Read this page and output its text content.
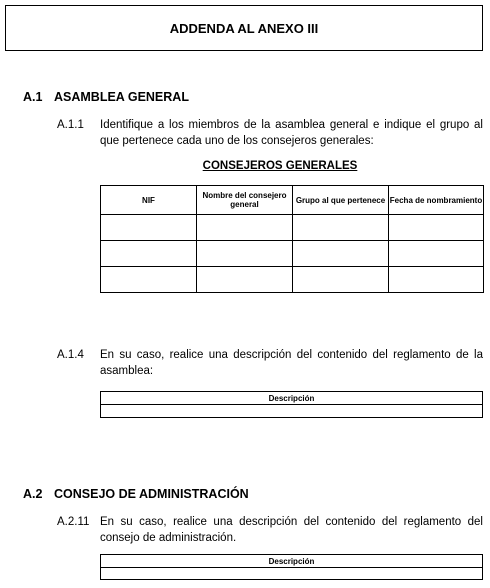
ADDENDA AL ANEXO III
A.1 ASAMBLEA GENERAL
A.1.1 Identifique a los miembros de la asamblea general e indique el grupo al que pertenece cada uno de los consejeros generales:
CONSEJEROS GENERALES
NIF	Nombre del consejero general	Grupo al que pertenece	Fecha de nombramiento

A.1.4 En su caso, realice una descripción del contenido del reglamento de la asamblea:
Descripción

A.2 CONSEJO DE ADMINISTRACIÓN
A.2.11 En su caso, realice una descripción del contenido del reglamento del consejo de administración.
Descripción
